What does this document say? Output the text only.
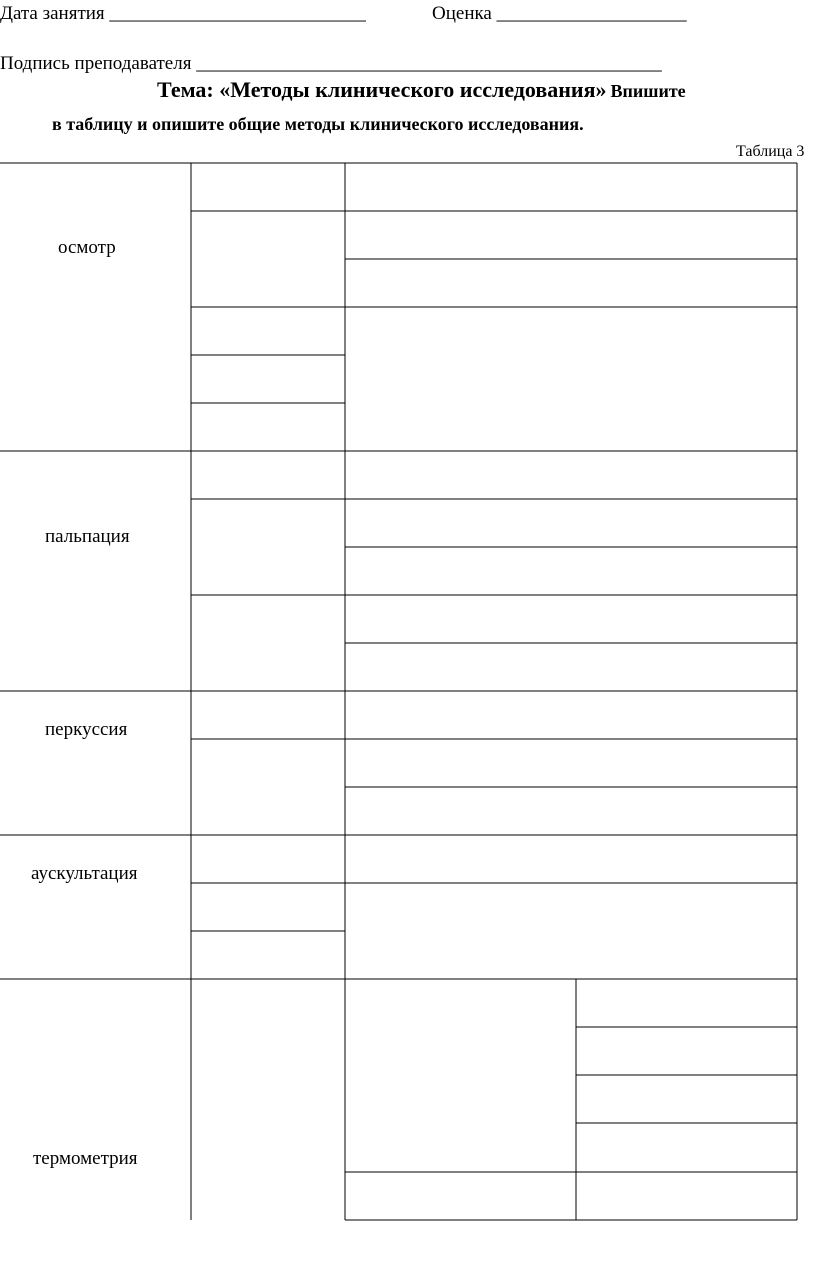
Дата занятия ___________________________	Оценка ____________________
Подпись преподавателя _________________________________________________
Тема: «Методы клинического исследования» Впишите
в таблицу и опишите общие методы клинического исследования.
Таблица 3
осмотр
пальпация
перкуссия
аускультация
термометрия
